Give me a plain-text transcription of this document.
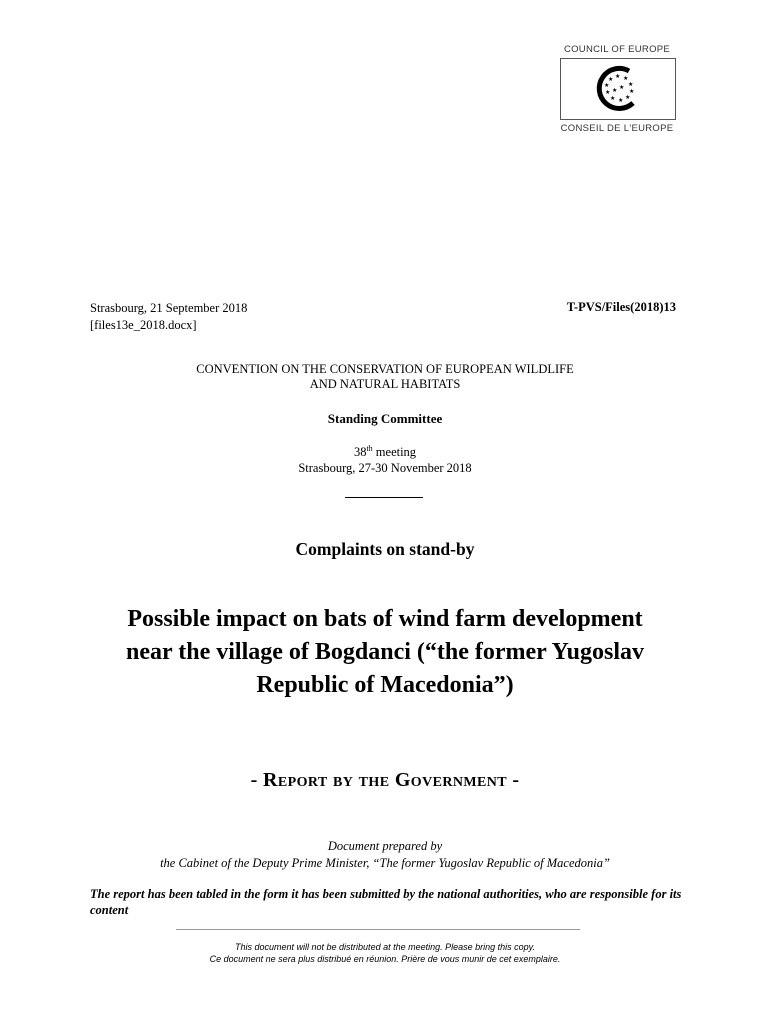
COUNCIL OF EUROPE
★ ★
★
★
★
★
★
★
★
★
★ ★
CONSEIL DE L'EUROPE
Strasbourg, 21 September 2018
[files13e_2018.docx]
T-PVS/Files(2018)13
CONVENTION ON THE CONSERVATION OF EUROPEAN WILDLIFE
AND NATURAL HABITATS
Standing Committee
38th meeting
Strasbourg, 27-30 November 2018
Complaints on stand-by
Possible impact on bats of wind farm development
near the village of Bogdanci (“the former Yugoslav
Republic of Macedonia”)
- Report by the Government -
Document prepared by
the Cabinet of the Deputy Prime Minister, “The former Yugoslav Republic of Macedonia”
The report has been tabled in the form it has been submitted by the national authorities, who are responsible for its content
This document will not be distributed at the meeting. Please bring this copy.
Ce document ne sera plus distribué en réunion. Prière de vous munir de cet exemplaire.
